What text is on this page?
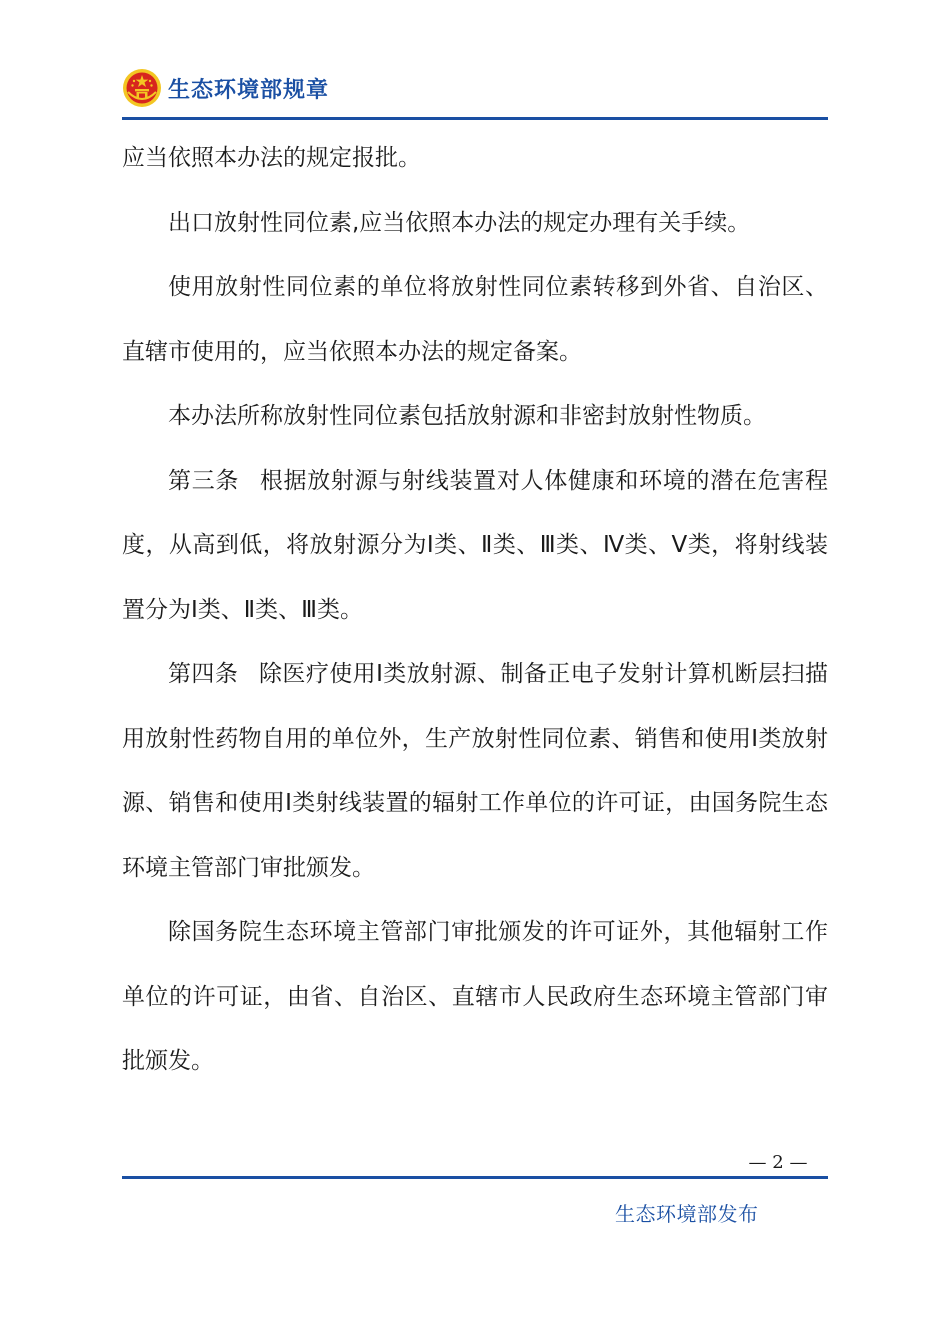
生态环境部规章

应当依照本办法的规定报批。

出口放射性同位素,应当依照本办法的规定办理有关手续。

使用放射性同位素的单位将放射性同位素转移到外省、自治区、直辖市使用的，应当依照本办法的规定备案。

本办法所称放射性同位素包括放射源和非密封放射性物质。

第三条 根据放射源与射线装置对人体健康和环境的潜在危害程度，从高到低，将放射源分为Ⅰ类、Ⅱ类、Ⅲ类、Ⅳ类、Ⅴ类，将射线装置分为Ⅰ类、Ⅱ类、Ⅲ类。

第四条 除医疗使用Ⅰ类放射源、制备正电子发射计算机断层扫描用放射性药物自用的单位外，生产放射性同位素、销售和使用Ⅰ类放射源、销售和使用Ⅰ类射线装置的辐射工作单位的许可证，由国务院生态环境主管部门审批颁发。

除国务院生态环境主管部门审批颁发的许可证外，其他辐射工作单位的许可证，由省、自治区、直辖市人民政府生态环境主管部门审批颁发。

— 2 —
生态环境部发布
